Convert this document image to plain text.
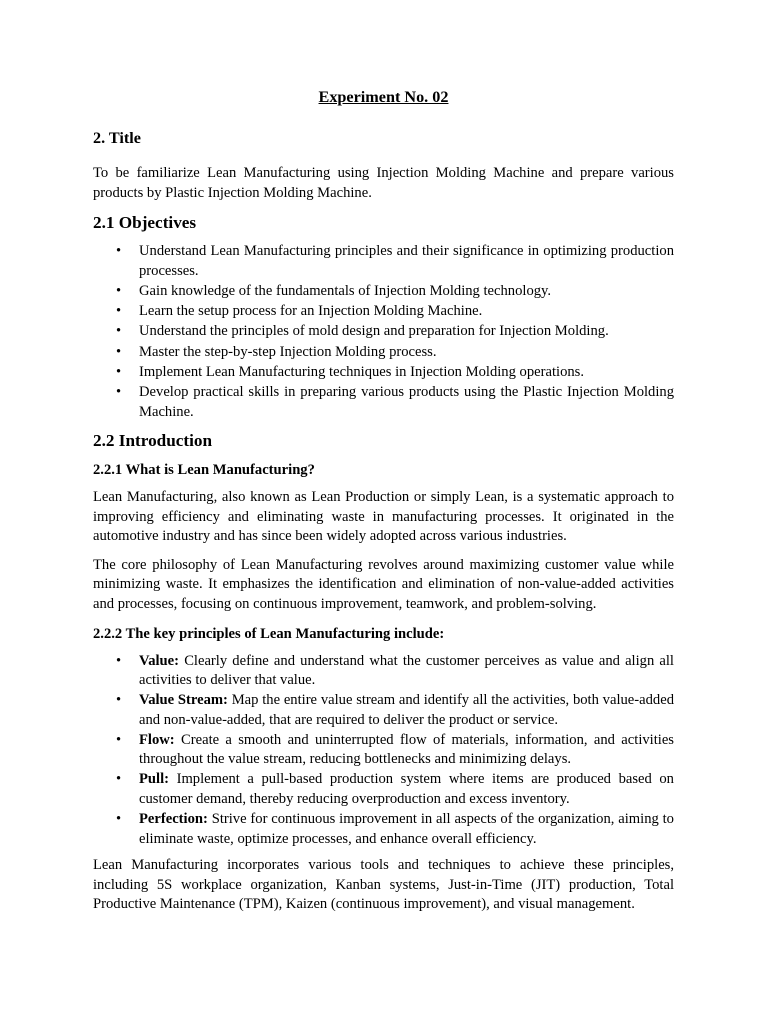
Experiment No. 02
2. Title

To be familiarize Lean Manufacturing using Injection Molding Machine and prepare various products by Plastic Injection Molding Machine.

2.1 Objectives
• Understand Lean Manufacturing principles and their significance in optimizing production processes.
• Gain knowledge of the fundamentals of Injection Molding technology.
• Learn the setup process for an Injection Molding Machine.
• Understand the principles of mold design and preparation for Injection Molding.
• Master the step-by-step Injection Molding process.
• Implement Lean Manufacturing techniques in Injection Molding operations.
• Develop practical skills in preparing various products using the Plastic Injection Molding Machine.
2.2 Introduction
2.2.1 What is Lean Manufacturing?

Lean Manufacturing, also known as Lean Production or simply Lean, is a systematic approach to improving efficiency and eliminating waste in manufacturing processes. It originated in the automotive industry and has since been widely adopted across various industries.

The core philosophy of Lean Manufacturing revolves around maximizing customer value while minimizing waste. It emphasizes the identification and elimination of non-value-added activities and processes, focusing on continuous improvement, teamwork, and problem-solving.

2.2.2 The key principles of Lean Manufacturing include:
• Value: Clearly define and understand what the customer perceives as value and align all activities to deliver that value.
• Value Stream: Map the entire value stream and identify all the activities, both value-added and non-value-added, that are required to deliver the product or service.
• Flow: Create a smooth and uninterrupted flow of materials, information, and activities throughout the value stream, reducing bottlenecks and minimizing delays.
• Pull: Implement a pull-based production system where items are produced based on customer demand, thereby reducing overproduction and excess inventory.
• Perfection: Strive for continuous improvement in all aspects of the organization, aiming to eliminate waste, optimize processes, and enhance overall efficiency.

Lean Manufacturing incorporates various tools and techniques to achieve these principles, including 5S workplace organization, Kanban systems, Just-in-Time (JIT) production, Total Productive Maintenance (TPM), Kaizen (continuous improvement), and visual management.
